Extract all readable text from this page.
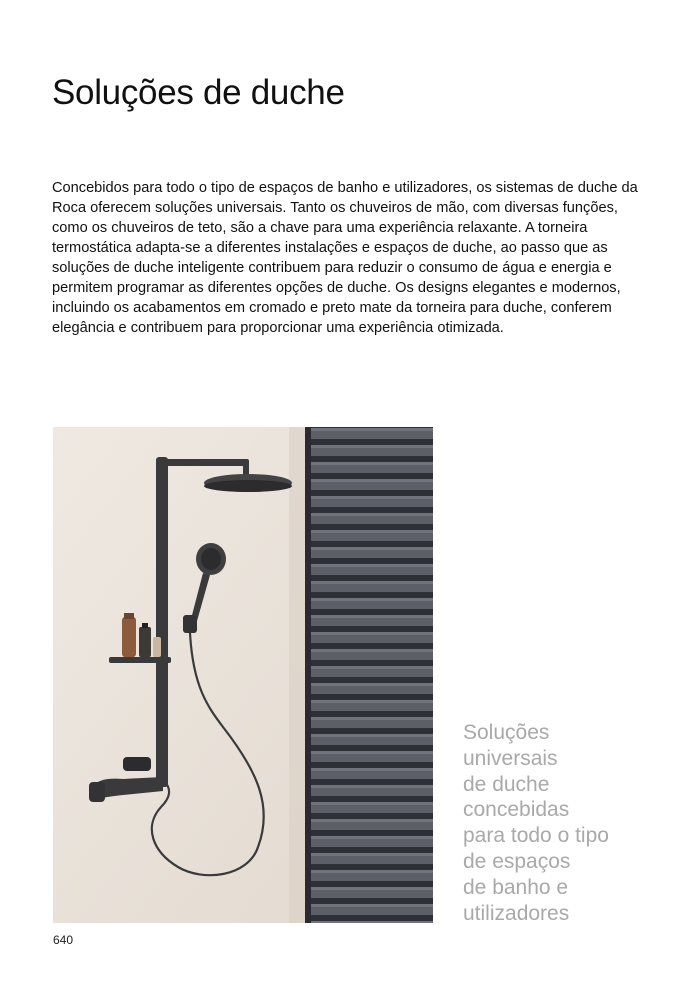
Soluções de duche

Concebidos para todo o tipo de espaços de banho e utilizadores, os sistemas de duche da Roca oferecem soluções universais. Tanto os chuveiros de mão, com diversas funções, como os chuveiros de teto, são a chave para uma experiência relaxante. A torneira termostática adapta-se a diferentes instalações e espaços de duche, ao passo que as soluções de duche inteligente contribuem para reduzir o consumo de água e energia e permitem programar as diferentes opções de duche. Os designs elegantes e modernos, incluindo os acabamentos em cromado e preto mate da torneira para duche, conferem elegância e contribuem para proporcionar uma experiência otimizada.

Soluções
universais
de duche
concebidas
para todo o tipo
de espaços
de banho e
utilizadores

640
